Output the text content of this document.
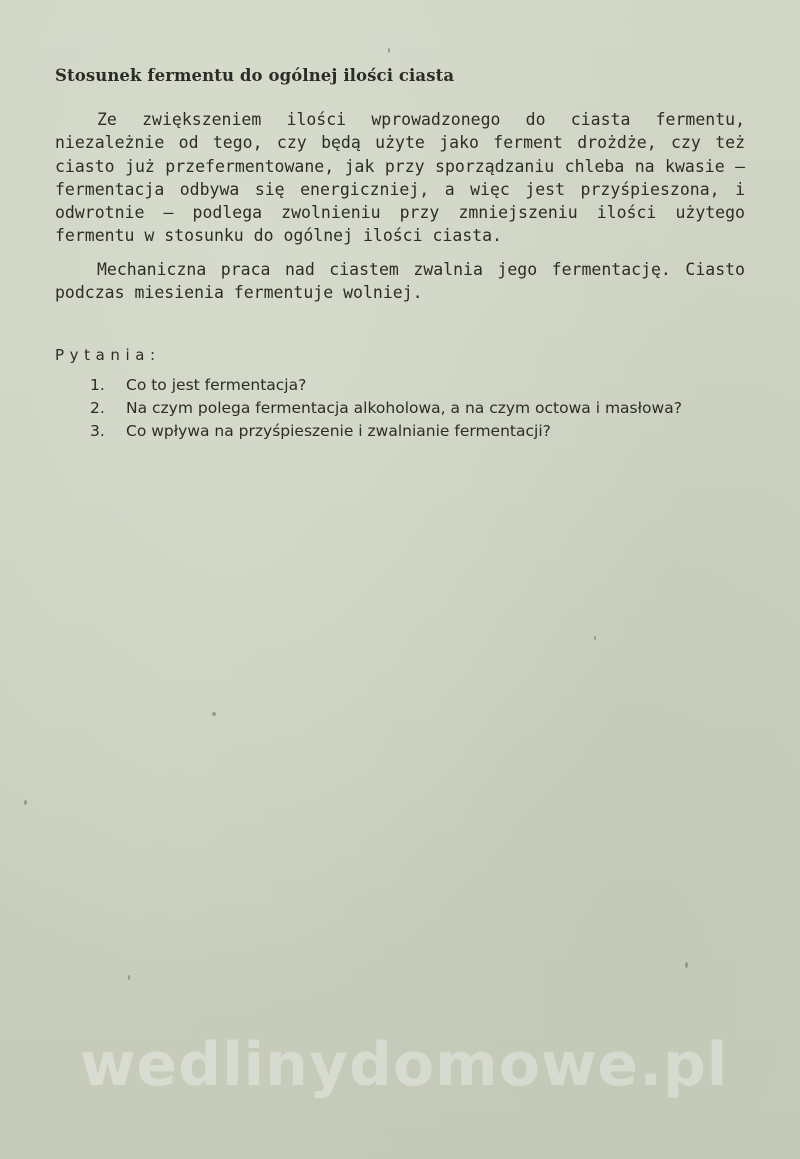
Stosunek fermentu do ogólnej ilości ciasta

Ze zwiększeniem ilości wprowadzonego do ciasta fermentu, niezależnie od tego, czy będą użyte jako ferment drożdże, czy też ciasto już przefermentowane, jak przy sporządzaniu chleba na kwasie — fermentacja odbywa się energiczniej, a więc jest przyśpieszona, i odwrotnie — podlega zwolnieniu przy zmniejszeniu ilości użytego fermentu w stosunku do ogólnej ilości ciasta.

Mechaniczna praca nad ciastem zwalnia jego fermentację. Ciasto podczas miesienia fermentuje wolniej.

Pytania:
1.	Co to jest fermentacja?
2.	Na czym polega fermentacja alkoholowa, a na czym octowa i masłowa?
3.	Co wpływa na przyśpieszenie i zwalnianie fermentacji?
wedlinydomowe.pl
